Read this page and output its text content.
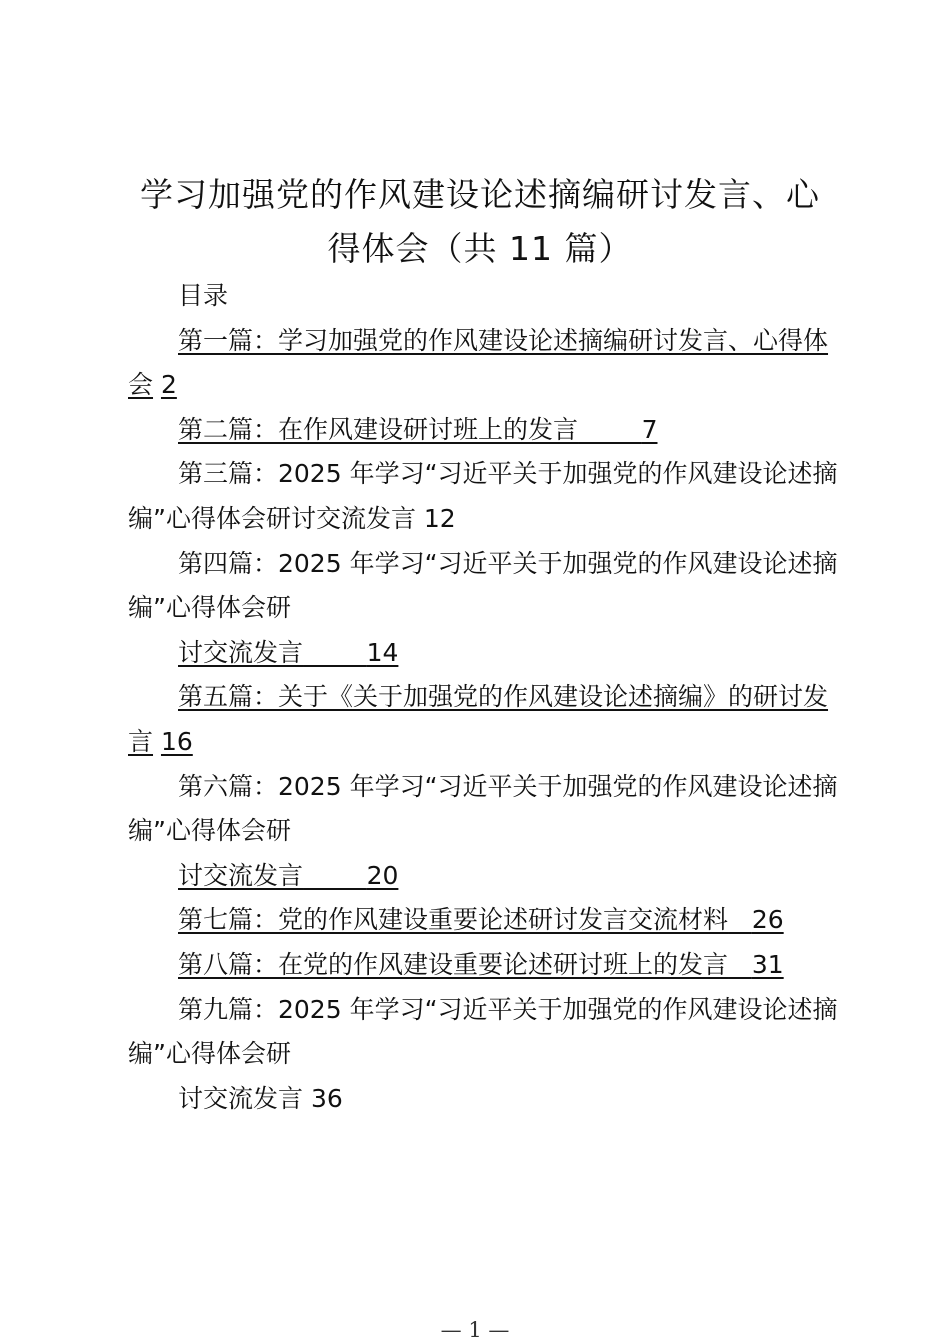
学习加强党的作风建设论述摘编研讨发言、心
得体会（共 11 篇）
目录
第一篇：学习加强党的作风建设论述摘编研讨发言、心得体会 2
第二篇：在作风建设研讨班上的发言	7
第三篇：2025 年学习“习近平关于加强党的作风建设论述摘编”心得体会研讨交流发言 12
第四篇：2025 年学习“习近平关于加强党的作风建设论述摘编”心得体会研
讨交流发言	14
第五篇：关于《关于加强党的作风建设论述摘编》的研讨发言 16
第六篇：2025 年学习“习近平关于加强党的作风建设论述摘编”心得体会研
讨交流发言	20
第七篇：党的作风建设重要论述研讨发言交流材料 26
第八篇：在党的作风建设重要论述研讨班上的发言 31
第九篇：2025 年学习“习近平关于加强党的作风建设论述摘编”心得体会研
讨交流发言 36
— 1 —
